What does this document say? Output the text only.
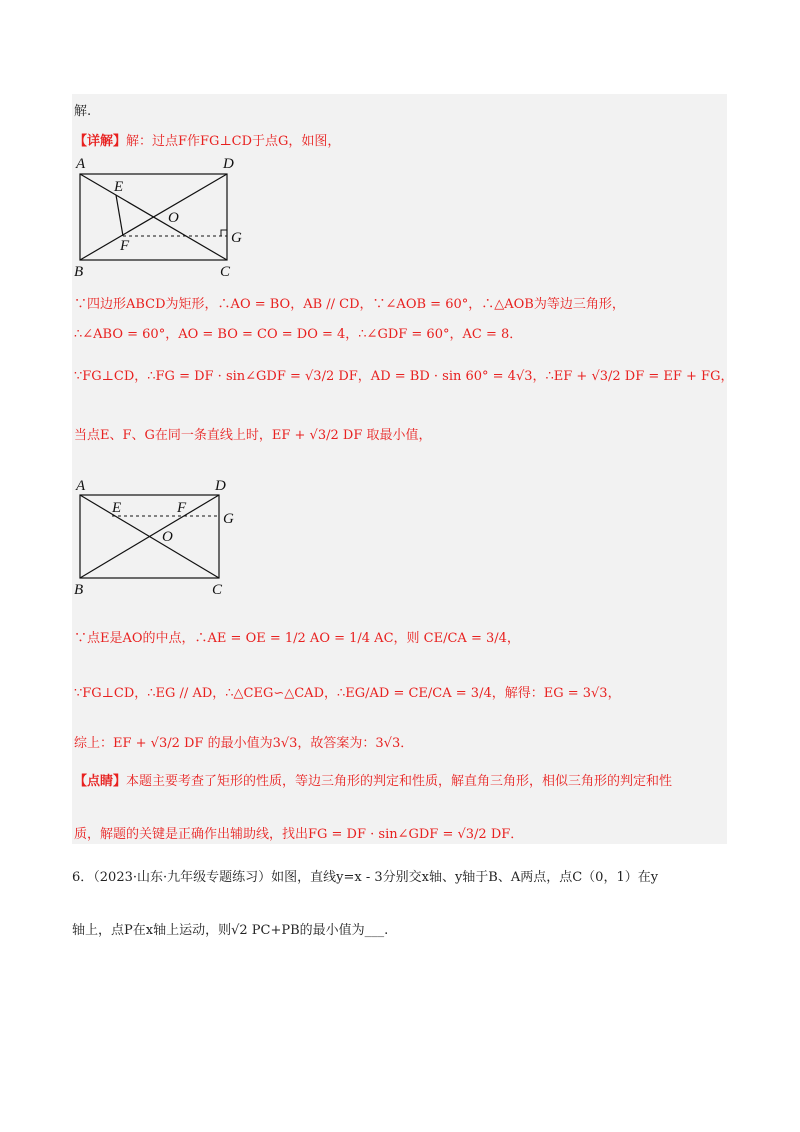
解.
【详解】解：过点F作FG⊥CD于点G，如图，
A	D
E
O
F	G
B	C
∵四边形ABCD为矩形，∴AO = BO，AB // CD，∵∠AOB = 60°，∴△AOB为等边三角形，
∴∠ABO = 60°，AO = BO = CO = DO = 4，∴∠GDF = 60°，AC = 8．
∵FG⊥CD，∴FG = DF · sin∠GDF = √3/2 DF，AD = BD · sin 60° = 4√3，∴EF + √3/2 DF = EF + FG，
当点E、F、G在同一条直线上时，EF + √3/2 DF 取最小值，
A	D
E	F
G
O
B	C
∵点E是AO的中点，∴AE = OE = 1/2 AO = 1/4 AC，则 CE/CA = 3/4，
∵FG⊥CD，∴EG // AD，∴△CEG∽△CAD，∴EG/AD = CE/CA = 3/4，解得：EG = 3√3，
综上：EF + √3/2 DF 的最小值为3√3，故答案为：3√3．
【点睛】本题主要考查了矩形的性质，等边三角形的判定和性质，解直角三角形，相似三角形的判定和性
质，解题的关键是正确作出辅助线，找出FG = DF · sin∠GDF = √3/2 DF．
6．（2023·山东·九年级专题练习）如图，直线y=x - 3分别交x轴、y轴于B、A两点，点C（0，1）在y
轴上，点P在x轴上运动，则√2 PC+PB的最小值为___.
